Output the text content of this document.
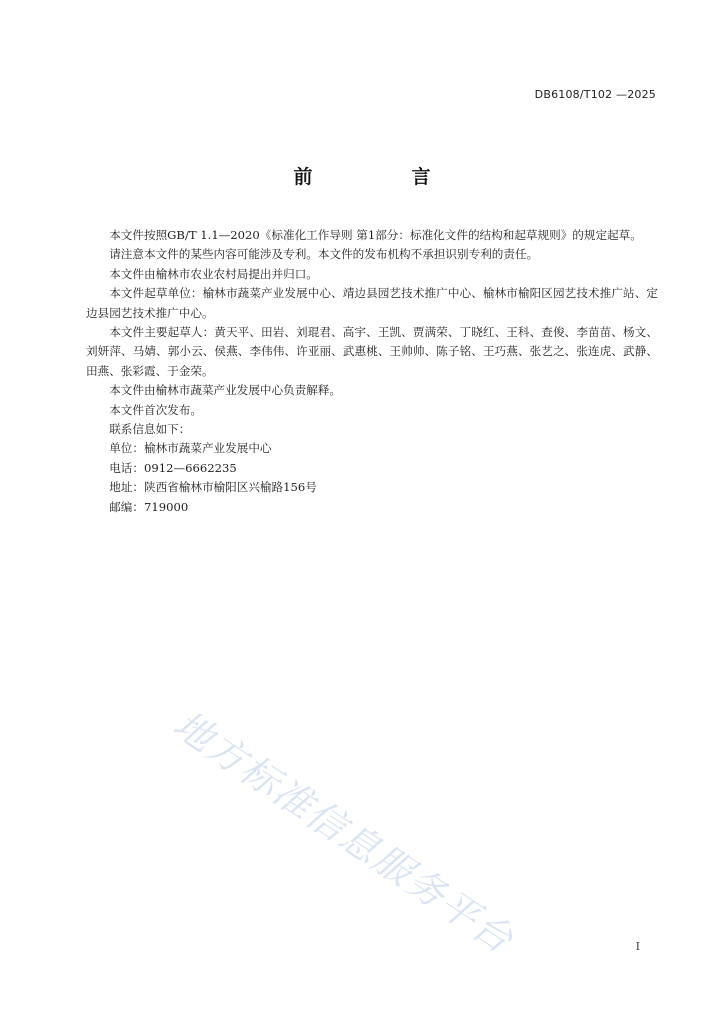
DB6108/T102 —2025
前　言

本文件按照GB/T 1.1—2020《标准化工作导则 第1部分：标准化文件的结构和起草规则》的规定起草。

请注意本文件的某些内容可能涉及专利。本文件的发布机构不承担识别专利的责任。

本文件由榆林市农业农村局提出并归口。

本文件起草单位：榆林市蔬菜产业发展中心、靖边县园艺技术推广中心、榆林市榆阳区园艺技术推广站、定边县园艺技术推广中心。

本文件主要起草人：黄天平、田岩、刘琨君、高宇、王凯、贾满荣、丁晓红、王科、查俊、李苗苗、杨文、刘妍萍、马婧、郭小云、侯燕、李伟伟、许亚丽、武惠桃、王帅帅、陈子铭、王巧燕、张艺之、张连虎、武静、田燕、张彩霞、于金荣。

本文件由榆林市蔬菜产业发展中心负责解释。

本文件首次发布。

联系信息如下：

单位：榆林市蔬菜产业发展中心

电话：0912—6662235

地址：陕西省榆林市榆阳区兴榆路156号

邮编：719000

地方标准信息服务平台	I
